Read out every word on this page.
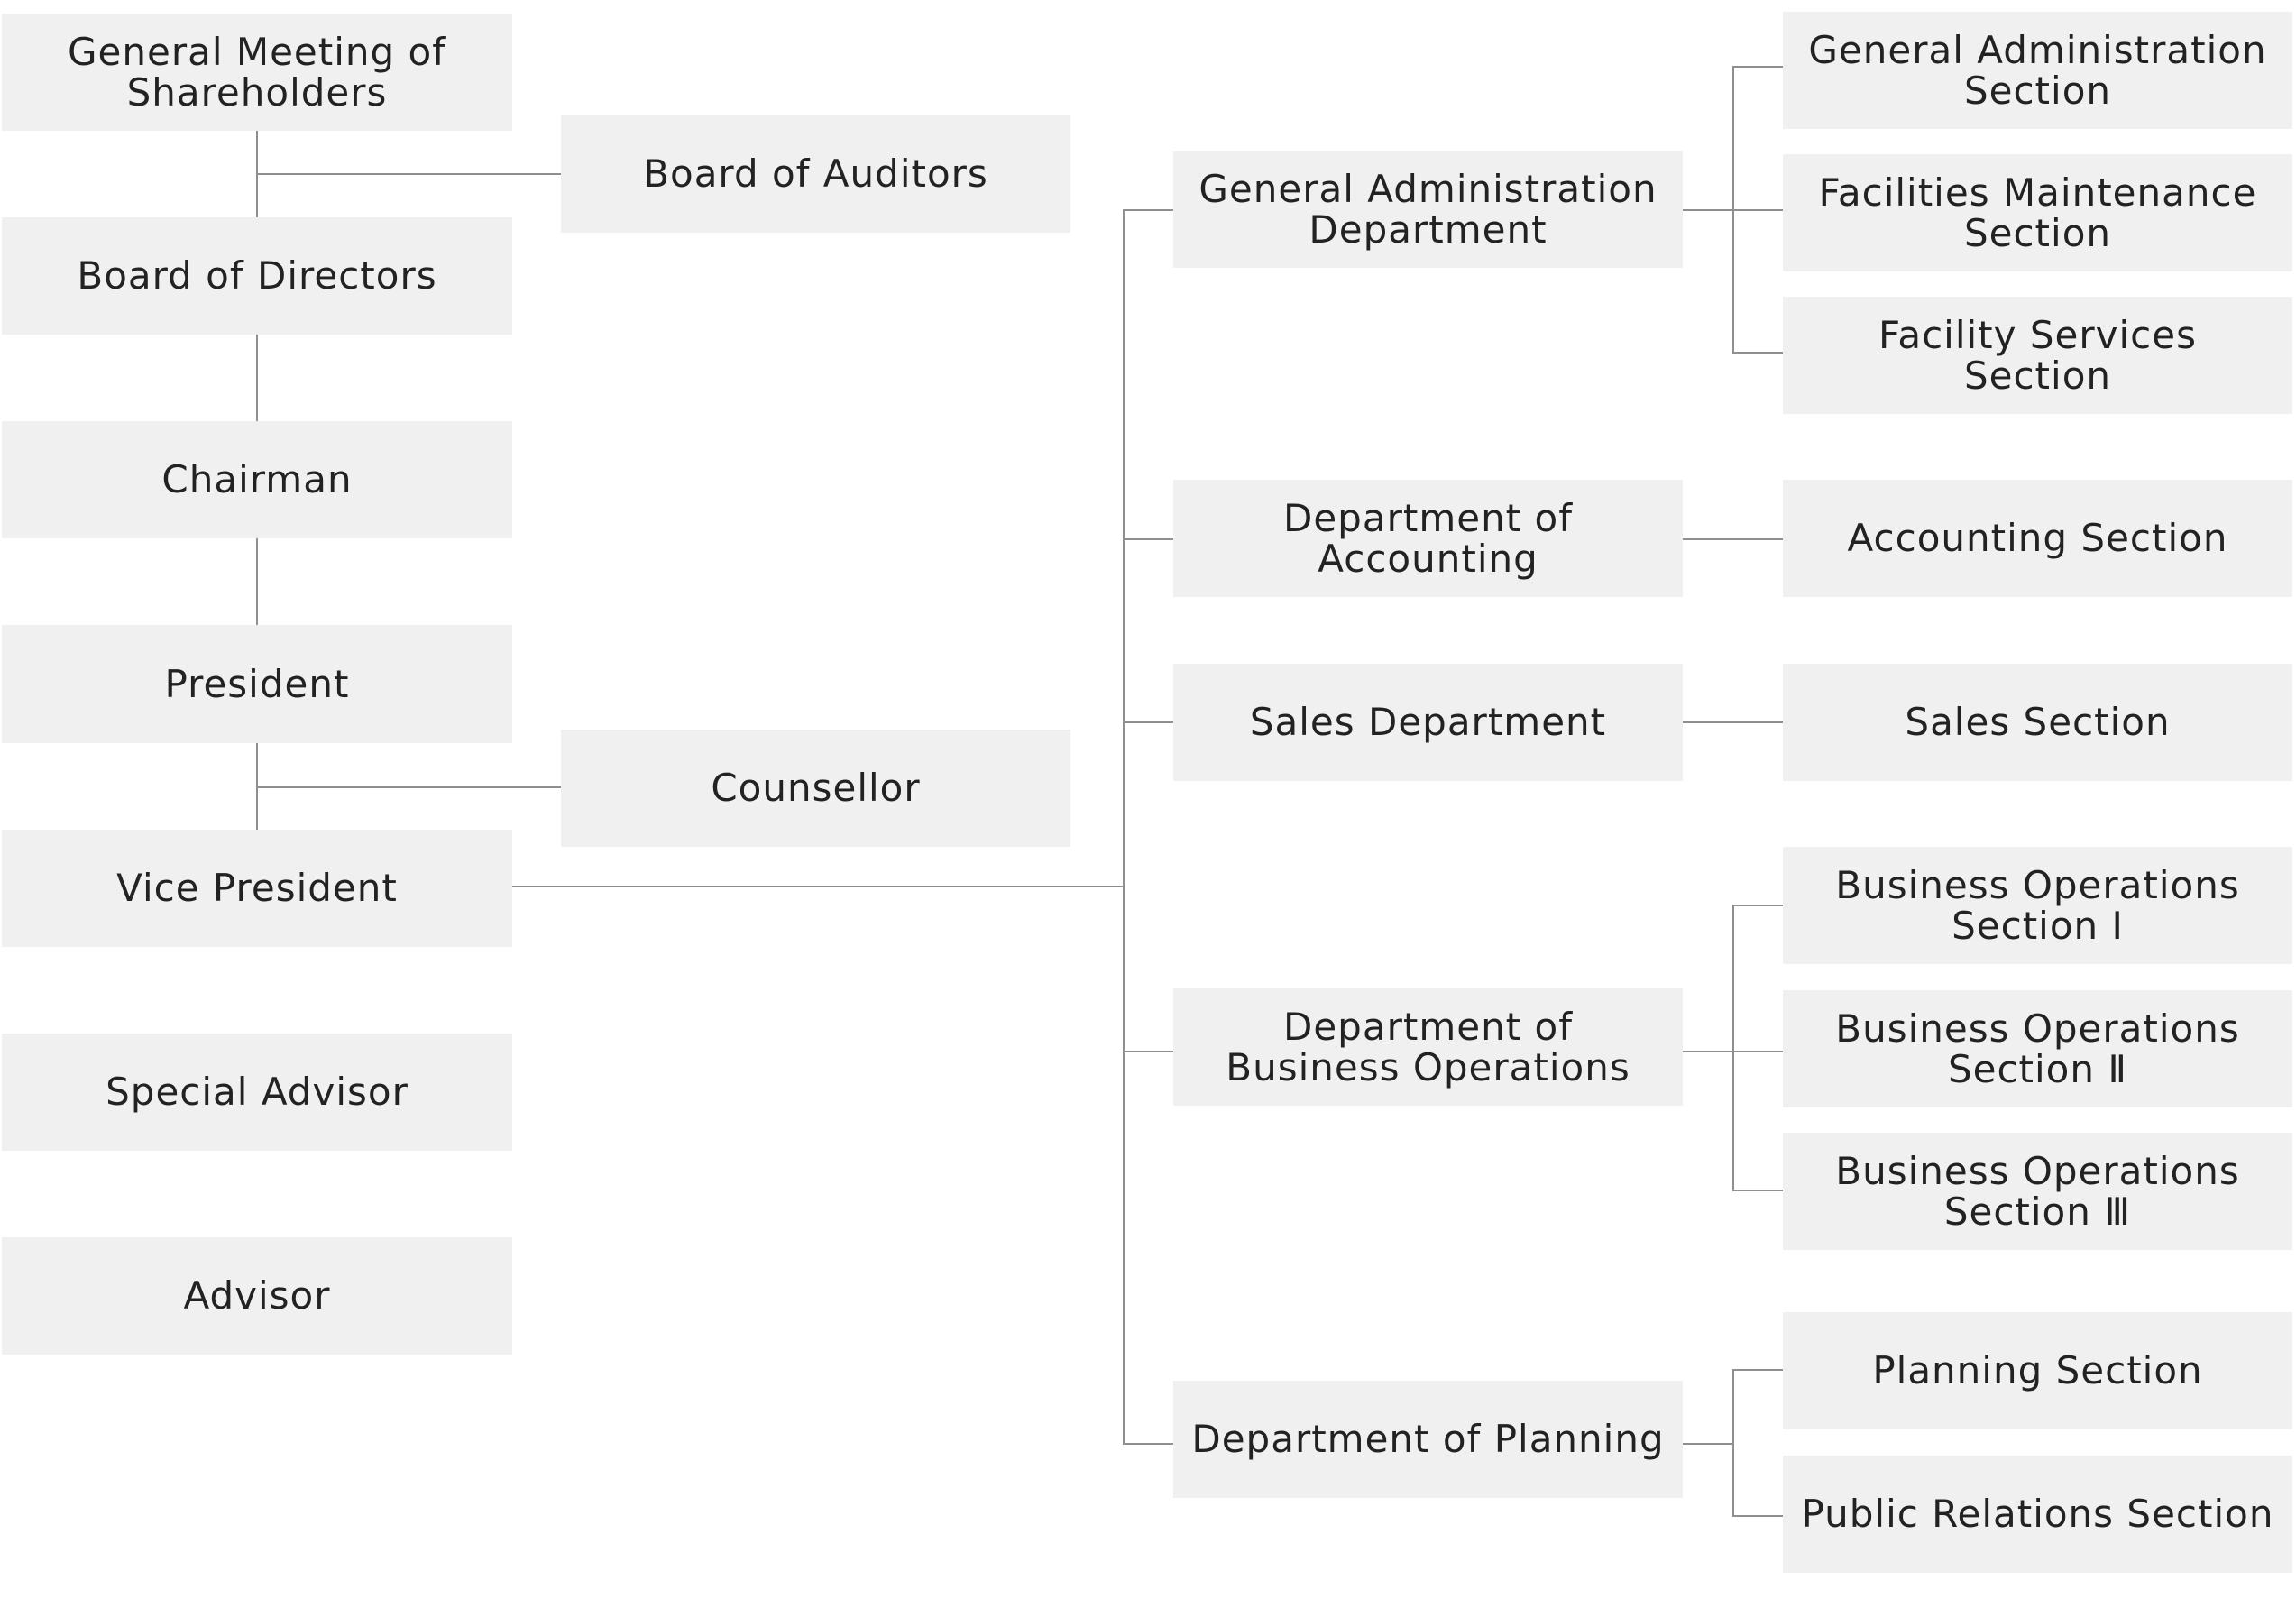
General Meeting of
Shareholders
Board of Directors
Chairman
President
Vice President
Special Advisor
Advisor
Board of Auditors
Counsellor
General Administration
Department
Department of Accounting
Sales Department
Department of
Business Operations
Department of Planning
General Administration
Section
Facilities Maintenance
Section
Facility Services Section
Accounting Section
Sales Section
Business Operations
Section Ⅰ
Business Operations
Section Ⅱ
Business Operations
Section Ⅲ
Planning Section
Public Relations Section
